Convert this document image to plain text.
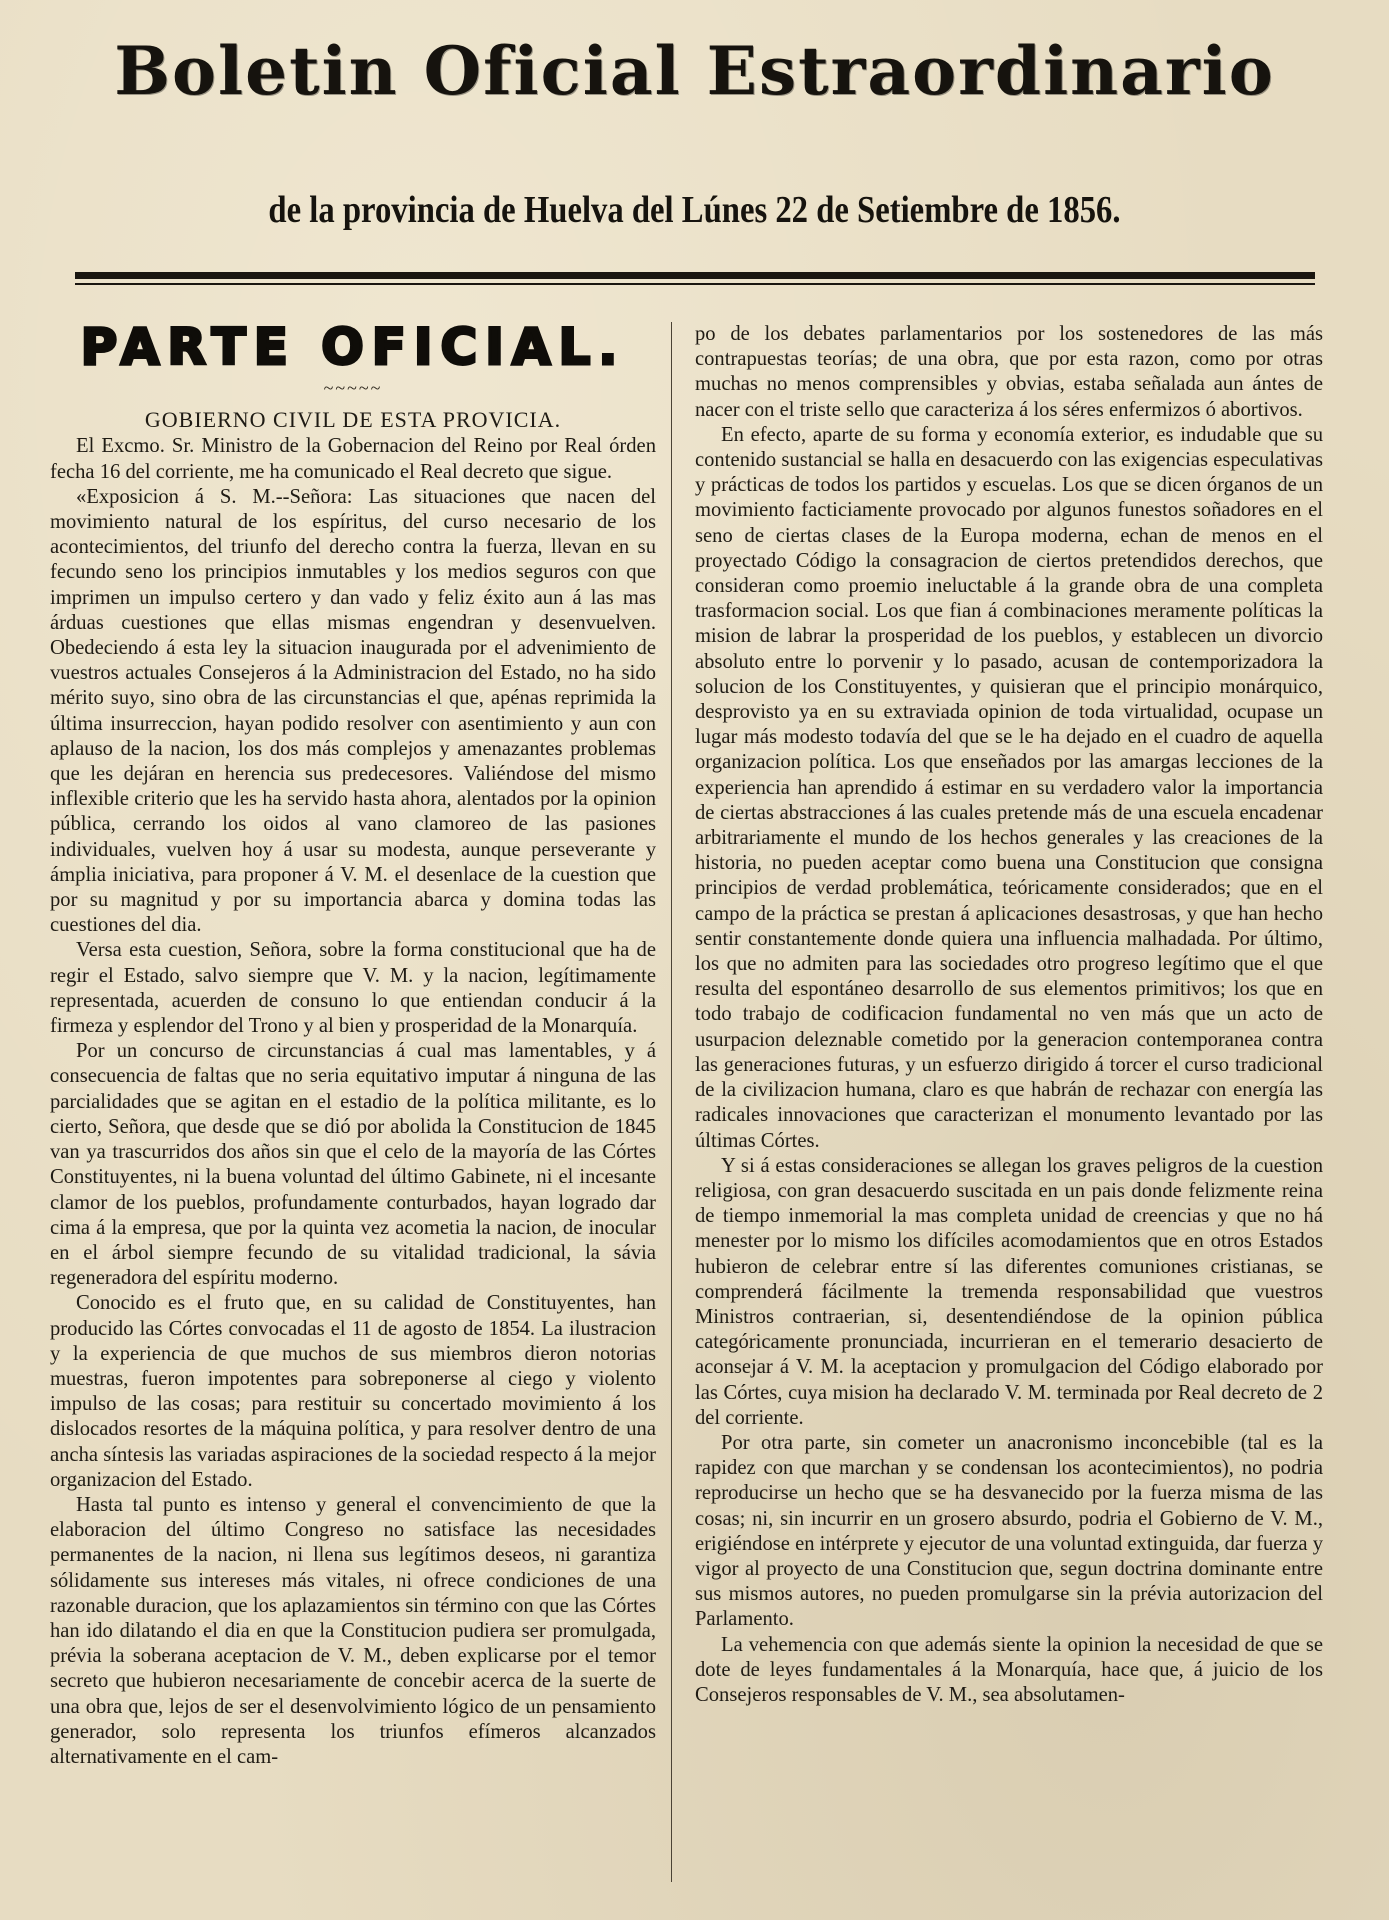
Boletin Oficial Estraordinario
de la provincia de Huelva del Lúnes 22 de Setiembre de 1856.
PARTE OFICIAL.
~~~~~
GOBIERNO CIVIL DE ESTA PROVICIA.

El Excmo. Sr. Ministro de la Gobernacion del Reino por Real órden fecha 16 del corriente, me ha comunicado el Real decreto que sigue.

«Exposicion á S. M.--Señora: Las situaciones que nacen del movimiento natural de los espíritus, del curso necesario de los acontecimientos, del triunfo del derecho contra la fuerza, llevan en su fecundo seno los principios inmutables y los medios seguros con que imprimen un impulso certero y dan vado y feliz éxito aun á las mas árduas cuestiones que ellas mismas engendran y desenvuelven. Obedeciendo á esta ley la situacion inaugurada por el advenimiento de vuestros actuales Consejeros á la Administracion del Estado, no ha sido mérito suyo, sino obra de las circunstancias el que, apénas reprimida la última insurreccion, hayan podido resolver con asentimiento y aun con aplauso de la nacion, los dos más complejos y amenazantes problemas que les dejáran en herencia sus predecesores. Valiéndose del mismo inflexible criterio que les ha servido hasta ahora, alentados por la opinion pública, cerrando los oidos al vano clamoreo de las pasiones individuales, vuelven hoy á usar su modesta, aunque perseverante y ámplia iniciativa, para proponer á V. M. el desenlace de la cuestion que por su magnitud y por su importancia abarca y domina todas las cuestiones del dia.

Versa esta cuestion, Señora, sobre la forma constitucional que ha de regir el Estado, salvo siempre que V. M. y la nacion, legítimamente representada, acuerden de consuno lo que entiendan conducir á la firmeza y esplendor del Trono y al bien y prosperidad de la Monarquía.

Por un concurso de circunstancias á cual mas lamentables, y á consecuencia de faltas que no seria equitativo imputar á ninguna de las parcialidades que se agitan en el estadio de la política militante, es lo cierto, Señora, que desde que se dió por abolida la Constitucion de 1845 van ya trascurridos dos años sin que el celo de la mayoría de las Córtes Constituyentes, ni la buena voluntad del último Gabinete, ni el incesante clamor de los pueblos, profundamente conturbados, hayan logrado dar cima á la empresa, que por la quinta vez acometia la nacion, de inocular en el árbol siempre fecundo de su vitalidad tradicional, la sávia regeneradora del espíritu moderno.

Conocido es el fruto que, en su calidad de Constituyentes, han producido las Córtes convocadas el 11 de agosto de 1854. La ilustracion y la experiencia de que muchos de sus miembros dieron notorias muestras, fueron impotentes para sobreponerse al ciego y violento impulso de las cosas; para restituir su concertado movimiento á los dislocados resortes de la máquina política, y para resolver dentro de una ancha síntesis las variadas aspiraciones de la sociedad respecto á la mejor organizacion del Estado.

Hasta tal punto es intenso y general el convencimiento de que la elaboracion del último Congreso no satisface las necesidades permanentes de la nacion, ni llena sus legítimos deseos, ni garantiza sólidamente sus intereses más vitales, ni ofrece condiciones de una razonable duracion, que los aplazamientos sin término con que las Córtes han ido dilatando el dia en que la Constitucion pudiera ser promulgada, prévia la soberana aceptacion de V. M., deben explicarse por el temor secreto que hubieron necesariamente de concebir acerca de la suerte de una obra que, lejos de ser el desenvolvimiento lógico de un pensamiento generador, solo representa los triunfos efímeros alcanzados alternativamente en el cam-

po de los debates parlamentarios por los sostenedores de las más contrapuestas teorías; de una obra, que por esta razon, como por otras muchas no menos comprensibles y obvias, estaba señalada aun ántes de nacer con el triste sello que caracteriza á los séres enfermizos ó abortivos.

En efecto, aparte de su forma y economía exterior, es indudable que su contenido sustancial se halla en desacuerdo con las exigencias especulativas y prácticas de todos los partidos y escuelas. Los que se dicen órganos de un movimiento facticiamente provocado por algunos funestos soñadores en el seno de ciertas clases de la Europa moderna, echan de menos en el proyectado Código la consagracion de ciertos pretendidos derechos, que consideran como proemio ineluctable á la grande obra de una completa trasformacion social. Los que fian á combinaciones meramente políticas la mision de labrar la prosperidad de los pueblos, y establecen un divorcio absoluto entre lo porvenir y lo pasado, acusan de contemporizadora la solucion de los Constituyentes, y quisieran que el principio monárquico, desprovisto ya en su extraviada opinion de toda virtualidad, ocupase un lugar más modesto todavía del que se le ha dejado en el cuadro de aquella organizacion política. Los que enseñados por las amargas lecciones de la experiencia han aprendido á estimar en su verdadero valor la importancia de ciertas abstracciones á las cuales pretende más de una escuela encadenar arbitrariamente el mundo de los hechos generales y las creaciones de la historia, no pueden aceptar como buena una Constitucion que consigna principios de verdad problemática, teóricamente considerados; que en el campo de la práctica se prestan á aplicaciones desastrosas, y que han hecho sentir constantemente donde quiera una influencia malhadada. Por último, los que no admiten para las sociedades otro progreso legítimo que el que resulta del espontáneo desarrollo de sus elementos primitivos; los que en todo trabajo de codificacion fundamental no ven más que un acto de usurpacion deleznable cometido por la generacion contemporanea contra las generaciones futuras, y un esfuerzo dirigido á torcer el curso tradicional de la civilizacion humana, claro es que habrán de rechazar con energía las radicales innovaciones que caracterizan el monumento levantado por las últimas Córtes.

Y si á estas consideraciones se allegan los graves peligros de la cuestion religiosa, con gran desacuerdo suscitada en un pais donde felizmente reina de tiempo inmemorial la mas completa unidad de creencias y que no há menester por lo mismo los difíciles acomodamientos que en otros Estados hubieron de celebrar entre sí las diferentes comuniones cristianas, se comprenderá fácilmente la tremenda responsabilidad que vuestros Ministros contraerian, si, desentendiéndose de la opinion pública categóricamente pronunciada, incurrieran en el temerario desacierto de aconsejar á V. M. la aceptacion y promulgacion del Código elaborado por las Córtes, cuya mision ha declarado V. M. terminada por Real decreto de 2 del corriente.

Por otra parte, sin cometer un anacronismo inconcebible (tal es la rapidez con que marchan y se condensan los acontecimientos), no podria reproducirse un hecho que se ha desvanecido por la fuerza misma de las cosas; ni, sin incurrir en un grosero absurdo, podria el Gobierno de V. M., erigiéndose en intérprete y ejecutor de una voluntad extinguida, dar fuerza y vigor al proyecto de una Constitucion que, segun doctrina dominante entre sus mismos autores, no pueden promulgarse sin la prévia autorizacion del Parlamento.

La vehemencia con que además siente la opinion la necesidad de que se dote de leyes fundamentales á la Monarquía, hace que, á juicio de los Consejeros responsables de V. M., sea absolutamen-
